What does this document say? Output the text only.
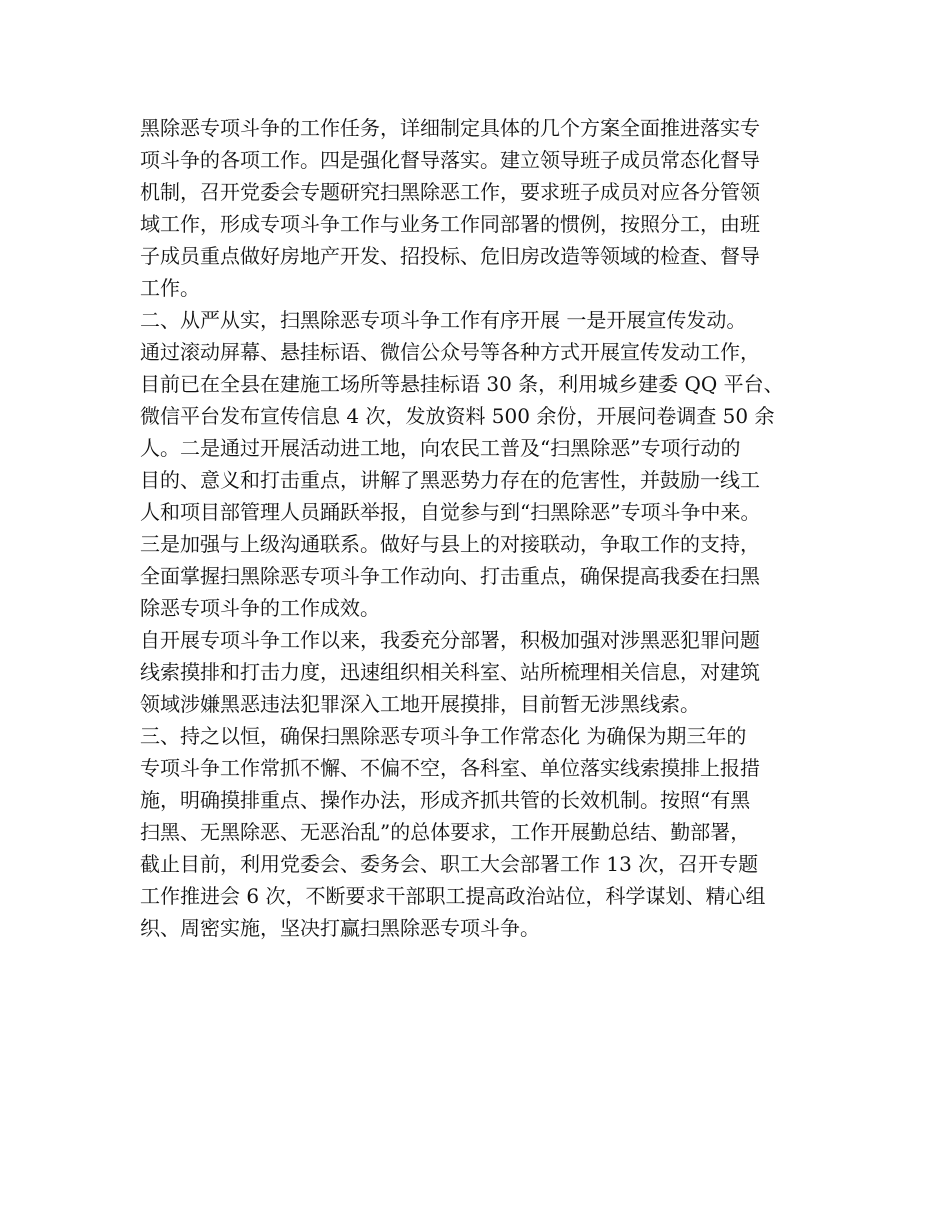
黑除恶专项斗争的工作任务，详细制定具体的几个方案全面推进落实专
项斗争的各项工作。四是强化督导落实。建立领导班子成员常态化督导
机制，召开党委会专题研究扫黑除恶工作，要求班子成员对应各分管领
域工作，形成专项斗争工作与业务工作同部署的惯例，按照分工，由班
子成员重点做好房地产开发、招投标、危旧房改造等领域的检查、督导
工作。
二、从严从实，扫黑除恶专项斗争工作有序开展 一是开展宣传发动。
通过滚动屏幕、悬挂标语、微信公众号等各种方式开展宣传发动工作，
目前已在全县在建施工场所等悬挂标语 30 条，利用城乡建委 QQ 平台、
微信平台发布宣传信息 4 次，发放资料 500 余份，开展问卷调查 50 余
人。二是通过开展活动进工地，向农民工普及“扫黑除恶”专项行动的
目的、意义和打击重点，讲解了黑恶势力存在的危害性，并鼓励一线工
人和项目部管理人员踊跃举报，自觉参与到“扫黑除恶”专项斗争中来。
三是加强与上级沟通联系。做好与县上的对接联动，争取工作的支持，
全面掌握扫黑除恶专项斗争工作动向、打击重点，确保提高我委在扫黑
除恶专项斗争的工作成效。
自开展专项斗争工作以来，我委充分部署，积极加强对涉黑恶犯罪问题
线索摸排和打击力度，迅速组织相关科室、站所梳理相关信息，对建筑
领域涉嫌黑恶违法犯罪深入工地开展摸排，目前暂无涉黑线索。
三、持之以恒，确保扫黑除恶专项斗争工作常态化 为确保为期三年的
专项斗争工作常抓不懈、不偏不空，各科室、单位落实线索摸排上报措
施，明确摸排重点、操作办法，形成齐抓共管的长效机制。按照“有黑
扫黑、无黑除恶、无恶治乱”的总体要求，工作开展勤总结、勤部署，
截止目前，利用党委会、委务会、职工大会部署工作 13 次，召开专题
工作推进会 6 次，不断要求干部职工提高政治站位，科学谋划、精心组
织、周密实施，坚决打赢扫黑除恶专项斗争。
